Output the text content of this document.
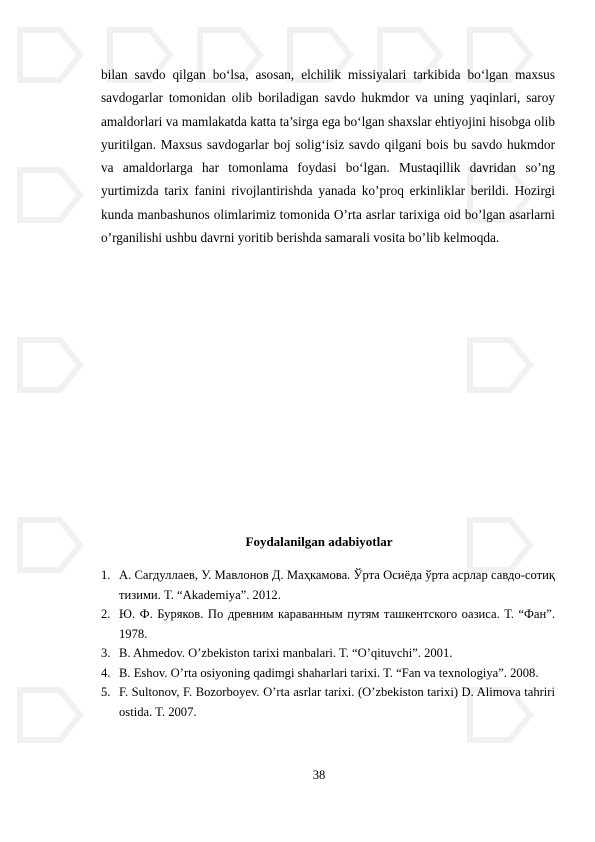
bilan savdo qilgan bo‘lsa, asosan, elchilik missiyalari tarkibida bo‘lgan maxsus savdogarlar tomonidan olib boriladigan savdo hukmdor va uning yaqinlari, saroy amaldorlari va mamlakatda katta ta’sirga ega bo‘lgan shaxslar ehtiyojini hisobga olib yuritilgan. Maxsus savdogarlar boj solig‘isiz savdo qilgani bois bu savdo hukmdor va amaldorlarga har tomonlama foydasi bo‘lgan. Mustaqillik davridan so’ng yurtimizda tarix fanini rivojlantirishda yanada ko’proq erkinliklar berildi. Hozirgi kunda manbashunos olimlarimiz tomonida O’rta asrlar tarixiga oid bo’lgan asarlarni o’rganilishi ushbu davrni yoritib berishda samarali vosita bo’lib kelmoqda.

Foydalanilgan adabiyotlar

1. А. Сагдуллаев, У. Мавлонов Д. Маҳкамова. Ўрта Осиёда ўрта асрлар савдо-сотиқ тизими. T. “Akademiya”. 2012.
2. Ю. Ф. Буряков. По древним караванным путям ташкентского оазиса. Т. “Фан”. 1978.
3. B. Ahmedov. O’zbekiston tarixi manbalari. T. “O’qituvchi”. 2001.
4. B. Eshov. O’rta osiyoning qadimgi shaharlari tarixi. T. “Fan va texnologiya”. 2008.
5. F. Sultonov, F. Bozorboyev. O’rta asrlar tarixi. (O’zbekiston tarixi) D. Alimova tahriri ostida. T. 2007.

38
